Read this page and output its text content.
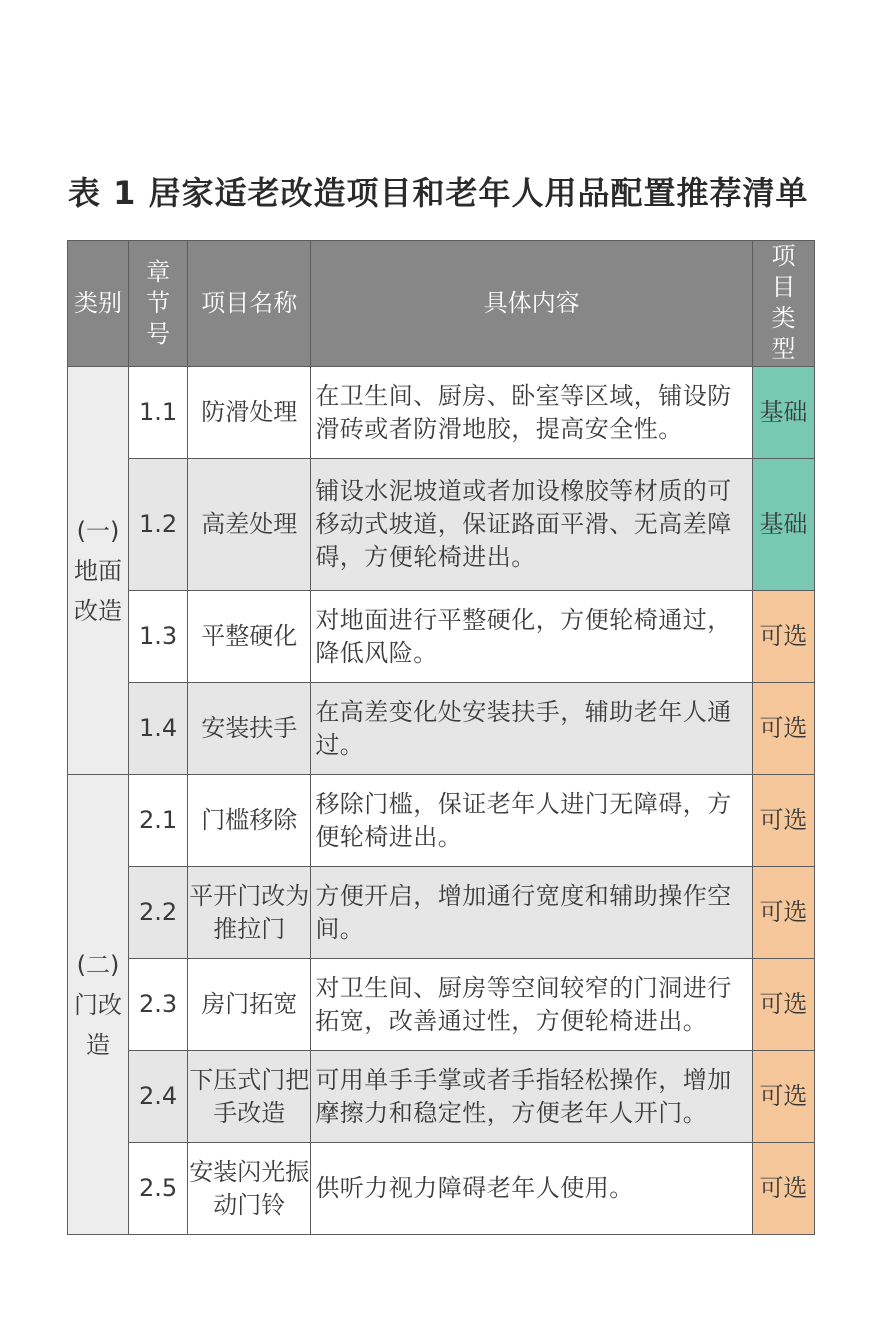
表 1 居家适老改造项目和老年人用品配置推荐清单
类别	章节号	项目名称	具体内容	项目类型
(一)地面改造	1.1	防滑处理	在卫生间、厨房、卧室等区域，铺设防滑砖或者防滑地胶，提高安全性。	基础
	1.2	高差处理	铺设水泥坡道或者加设橡胶等材质的可移动式坡道，保证路面平滑、无高差障碍，方便轮椅进出。	基础
	1.3	平整硬化	对地面进行平整硬化，方便轮椅通过，降低风险。	可选
	1.4	安装扶手	在高差变化处安装扶手，辅助老年人通过。	可选
(二)门改造	2.1	门槛移除	移除门槛，保证老年人进门无障碍，方便轮椅进出。	可选
	2.2	平开门改为推拉门	方便开启，增加通行宽度和辅助操作空间。	可选
	2.3	房门拓宽	对卫生间、厨房等空间较窄的门洞进行拓宽，改善通过性，方便轮椅进出。	可选
	2.4	下压式门把手改造	可用单手手掌或者手指轻松操作，增加摩擦力和稳定性，方便老年人开门。	可选
	2.5	安装闪光振动门铃	供听力视力障碍老年人使用。	可选
